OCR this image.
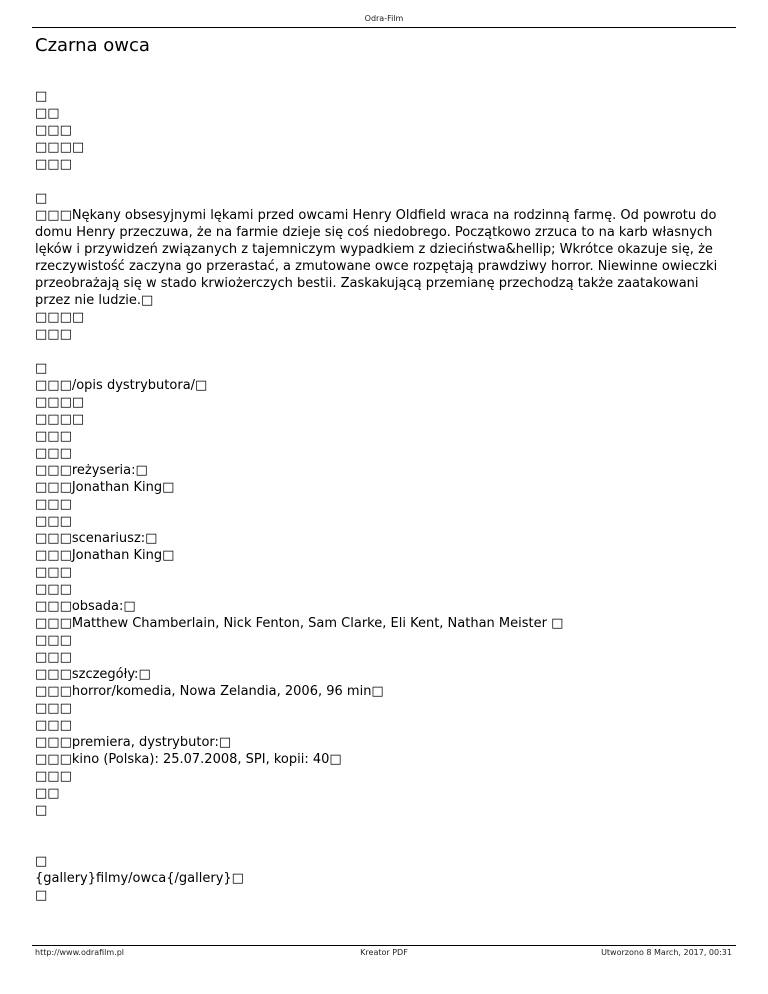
Odra-Film
Czarna owca
□
□□
□□□
□□□□
□□□
□
□□□Nękany obsesyjnymi lękami przed owcami Henry Oldfield wraca na rodzinną farmę. Od powrotu do domu Henry przeczuwa, że na farmie dzieje się coś niedobrego. Początkowo zrzuca to na karb własnych lęków i przywidzeń związanych z tajemniczym wypadkiem z dzieciństwa&hellip; Wkrótce okazuje się, że rzeczywistość zaczyna go przerastać, a zmutowane owce rozpętają prawdziwy horror. Niewinne owieczki przeobrażają się w stado krwiożerczych bestii. Zaskakującą przemianę przechodzą także zaatakowani przez nie ludzie.□
□□□□
□□□
□
□□□/opis dystrybutora/□
□□□□
□□□□
□□□
□□□
□□□reżyseria:□
□□□Jonathan King□
□□□
□□□
□□□scenariusz:□
□□□Jonathan King□
□□□
□□□
□□□obsada:□
□□□Matthew Chamberlain, Nick Fenton, Sam Clarke, Eli Kent, Nathan Meister □
□□□
□□□
□□□szczegóły:□
□□□horror/komedia, Nowa Zelandia, 2006, 96 min□
□□□
□□□
□□□premiera, dystrybutor:□
□□□kino (Polska): 25.07.2008, SPI, kopii: 40□
□□□
□□
□
□
{gallery}filmy/owca{/gallery}□
□
http://www.odrafilm.pl	Kreator PDF	Utworzono 8 March, 2017, 00:31
